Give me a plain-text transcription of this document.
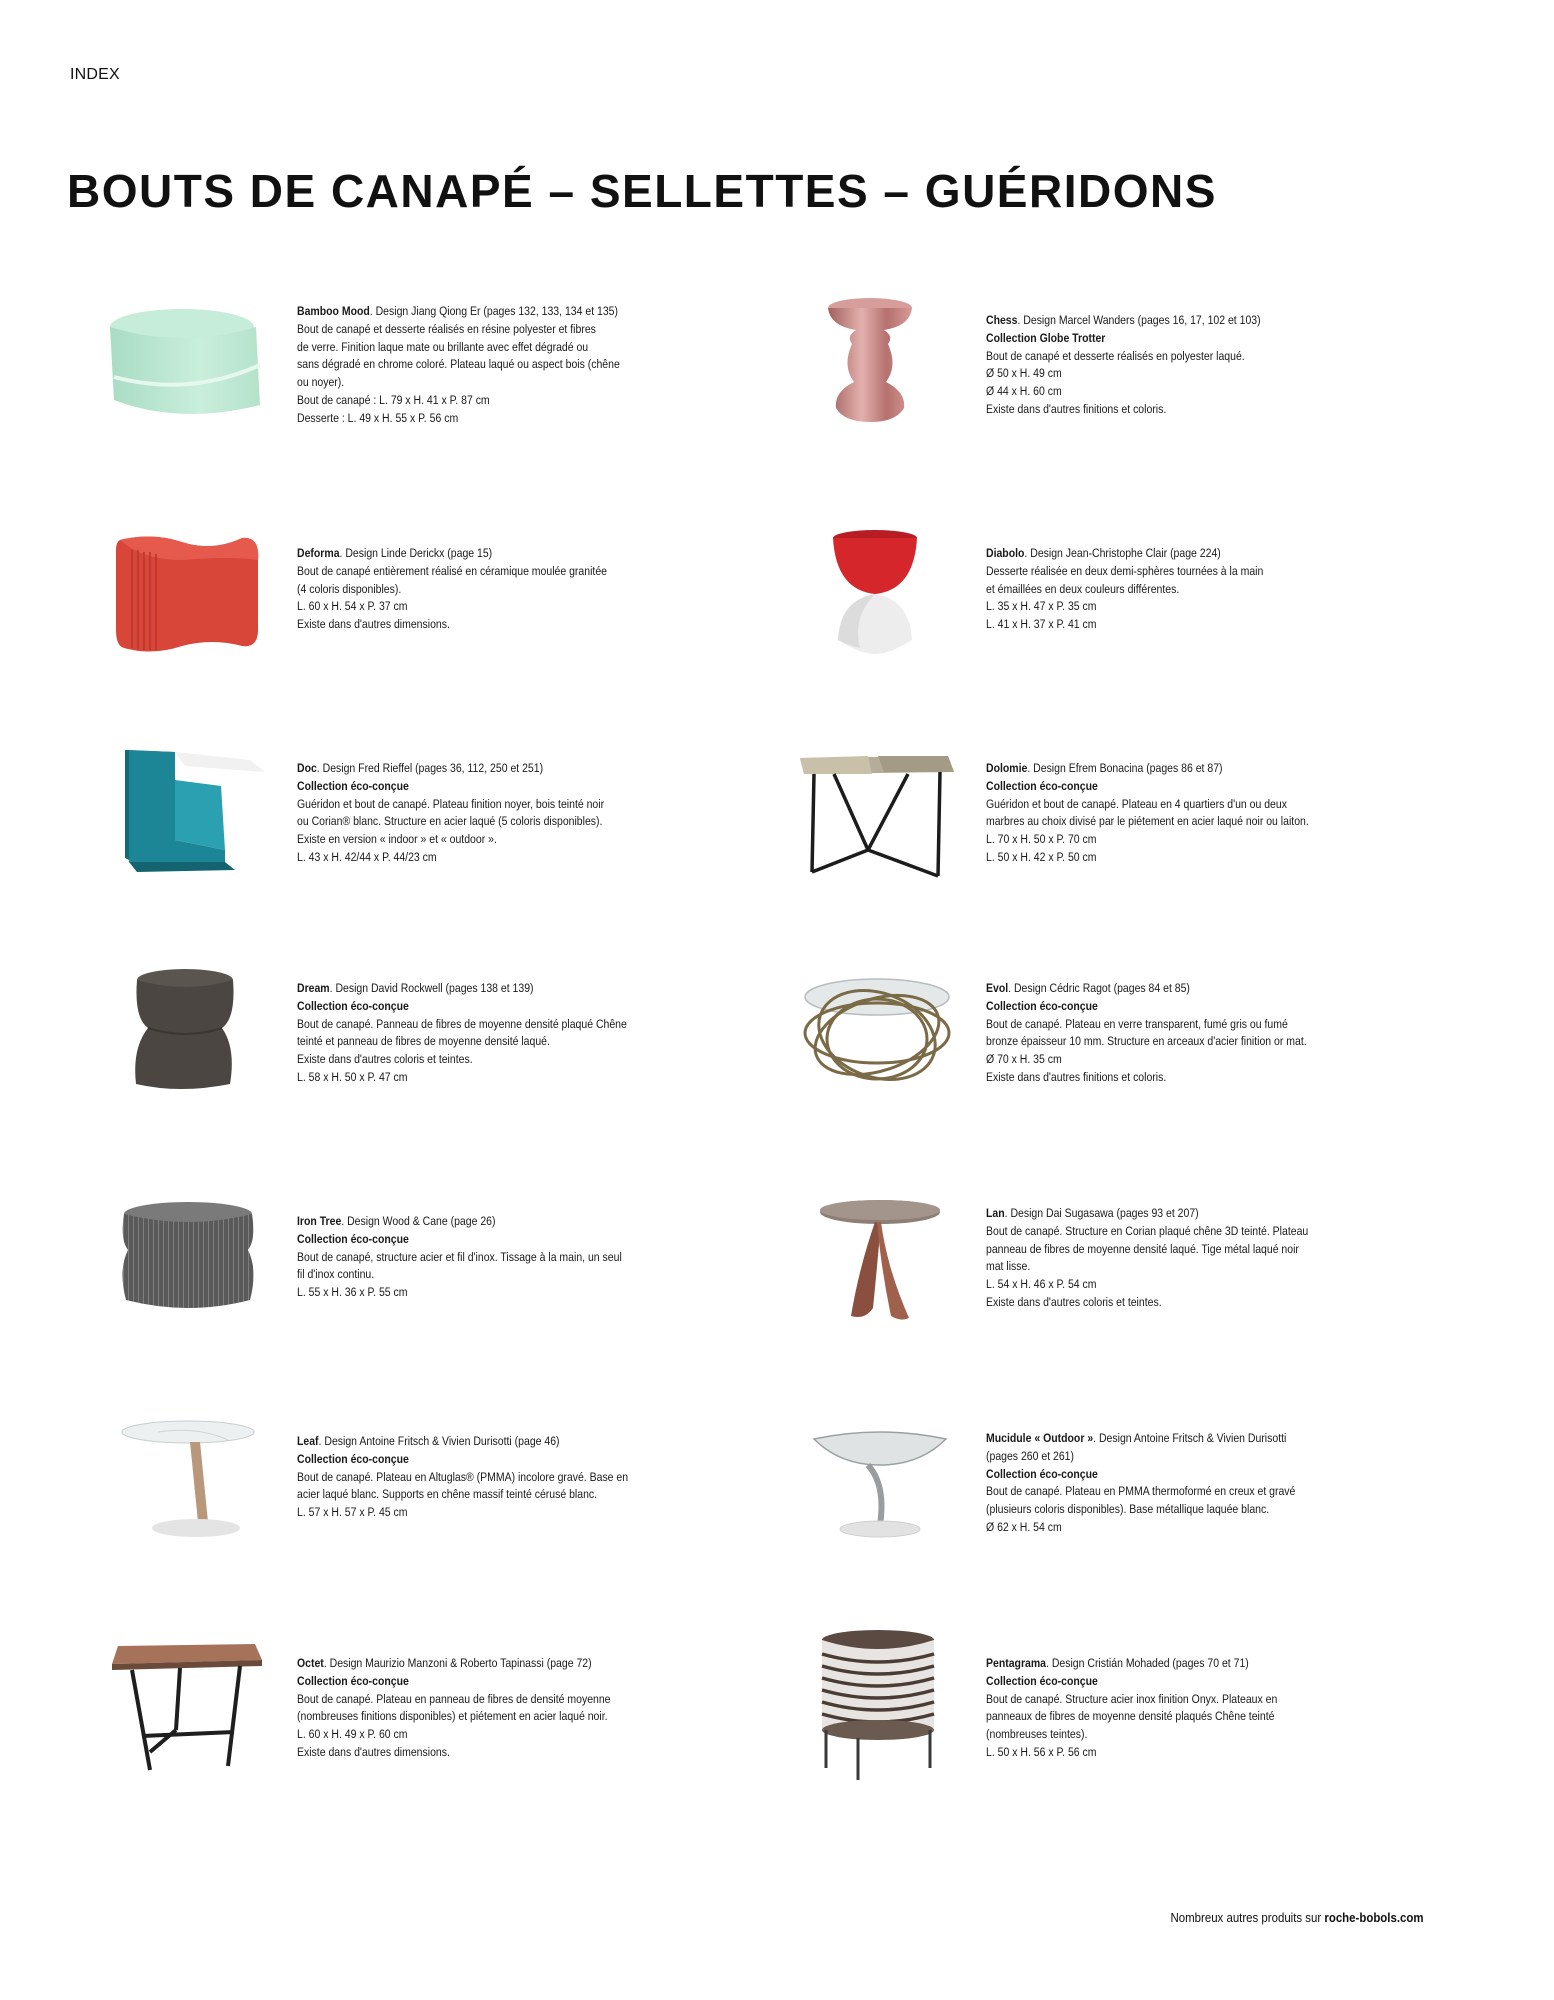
INDEX
BOUTS DE CANAPÉ – SELLETTES – GUÉRIDONS
Bamboo Mood. Design Jiang Qiong Er (pages 132, 133, 134 et 135)
Bout de canapé et desserte réalisés en résine polyester et fibres
de verre. Finition laque mate ou brillante avec effet dégradé ou
sans dégradé en chrome coloré. Plateau laqué ou aspect bois (chêne
ou noyer).
Bout de canapé : L. 79 x H. 41 x P. 87 cm
Desserte : L. 49 x H. 55 x P. 56 cm
Chess. Design Marcel Wanders (pages 16, 17, 102 et 103)
Collection Globe Trotter
Bout de canapé et desserte réalisés en polyester laqué.
Ø 50 x H. 49 cm
Ø 44 x H. 60 cm
Existe dans d'autres finitions et coloris.
Deforma. Design Linde Derickx (page 15)
Bout de canapé entièrement réalisé en céramique moulée granitée
(4 coloris disponibles).
L. 60 x H. 54 x P. 37 cm
Existe dans d'autres dimensions.
Diabolo. Design Jean-Christophe Clair (page 224)
Desserte réalisée en deux demi-sphères tournées à la main
et émaillées en deux couleurs différentes.
L. 35 x H. 47 x P. 35 cm
L. 41 x H. 37 x P. 41 cm
Doc. Design Fred Rieffel (pages 36, 112, 250 et 251)
Collection éco-conçue
Guéridon et bout de canapé. Plateau finition noyer, bois teinté noir
ou Corian® blanc. Structure en acier laqué (5 coloris disponibles).
Existe en version « indoor » et « outdoor ».
L. 43 x H. 42/44 x P. 44/23 cm
Dolomie. Design Efrem Bonacina (pages 86 et 87)
Collection éco-conçue
Guéridon et bout de canapé. Plateau en 4 quartiers d'un ou deux
marbres au choix divisé par le piétement en acier laqué noir ou laiton.
L. 70 x H. 50 x P. 70 cm
L. 50 x H. 42 x P. 50 cm
Dream. Design David Rockwell (pages 138 et 139)
Collection éco-conçue
Bout de canapé. Panneau de fibres de moyenne densité plaqué Chêne
teinté et panneau de fibres de moyenne densité laqué.
Existe dans d'autres coloris et teintes.
L. 58 x H. 50 x P. 47 cm
Evol. Design Cédric Ragot (pages 84 et 85)
Collection éco-conçue
Bout de canapé. Plateau en verre transparent, fumé gris ou fumé
bronze épaisseur 10 mm. Structure en arceaux d'acier finition or mat.
Ø 70 x H. 35 cm
Existe dans d'autres finitions et coloris.
Iron Tree. Design Wood & Cane (page 26)
Collection éco-conçue
Bout de canapé, structure acier et fil d'inox. Tissage à la main, un seul
fil d'inox continu.
L. 55 x H. 36 x P. 55 cm
Lan. Design Dai Sugasawa (pages 93 et 207)
Bout de canapé. Structure en Corian plaqué chêne 3D teinté. Plateau
panneau de fibres de moyenne densité laqué. Tige métal laqué noir
mat lisse.
L. 54 x H. 46 x P. 54 cm
Existe dans d'autres coloris et teintes.
Leaf. Design Antoine Fritsch & Vivien Durisotti (page 46)
Collection éco-conçue
Bout de canapé. Plateau en Altuglas® (PMMA) incolore gravé. Base en
acier laqué blanc. Supports en chêne massif teinté cérusé blanc.
L. 57 x H. 57 x P. 45 cm
Mucidule « Outdoor ». Design Antoine Fritsch & Vivien Durisotti
(pages 260 et 261)
Collection éco-conçue
Bout de canapé. Plateau en PMMA thermoformé en creux et gravé
(plusieurs coloris disponibles). Base métallique laquée blanc.
Ø 62 x H. 54 cm
Octet. Design Maurizio Manzoni & Roberto Tapinassi (page 72)
Collection éco-conçue
Bout de canapé. Plateau en panneau de fibres de densité moyenne
(nombreuses finitions disponibles) et piétement en acier laqué noir.
L. 60 x H. 49 x P. 60 cm
Existe dans d'autres dimensions.
Pentagrama. Design Cristián Mohaded (pages 70 et 71)
Collection éco-conçue
Bout de canapé. Structure acier inox finition Onyx. Plateaux en
panneaux de fibres de moyenne densité plaqués Chêne teinté
(nombreuses teintes).
L. 50 x H. 56 x P. 56 cm
Nombreux autres produits sur roche-bobols.com
